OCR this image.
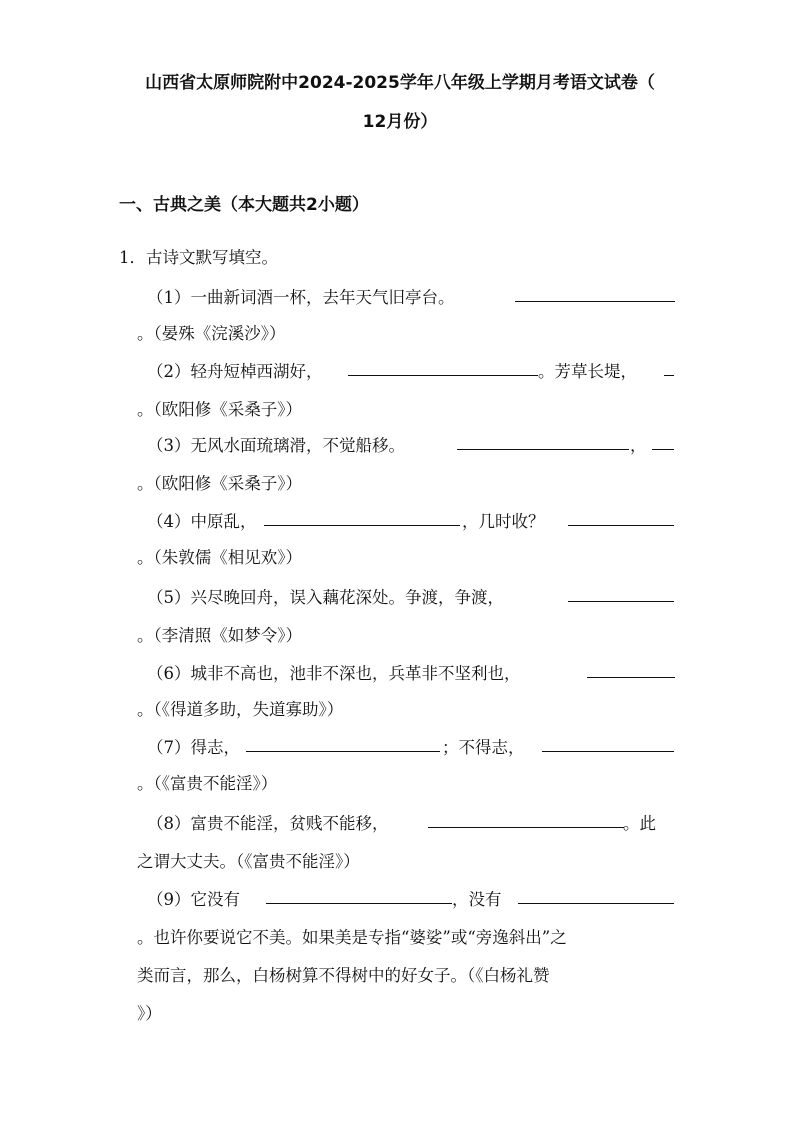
山西省太原师院附中2024-2025学年八年级上学期月考语文试卷（
12月份）
一、古典之美（本大题共2小题）
1．古诗文默写填空。
（1）一曲新词酒一杯，去年天气旧亭台。
。（晏殊《浣溪沙》）
（2）轻舟短棹西湖好，	。芳草长堤，
。（欧阳修《采桑子》）
（3）无风水面琉璃滑，不觉船移。	，
。（欧阳修《采桑子》）
（4）中原乱，	，几时收？
。（朱敦儒《相见欢》）
（5）兴尽晚回舟，误入藕花深处。争渡，争渡，
。（李清照《如梦令》）
（6）城非不高也，池非不深也，兵革非不坚利也，
。（《得道多助，失道寡助》）
（7）得志，	；不得志，
。（《富贵不能淫》）
（8）富贵不能淫，贫贱不能移，	。此
之谓大丈夫。（《富贵不能淫》）
（9）它没有	，没有
。也许你要说它不美。如果美是专指“婆娑”或“旁逸斜出”之
类而言，那么，白杨树算不得树中的好女子。（《白杨礼赞
》）
